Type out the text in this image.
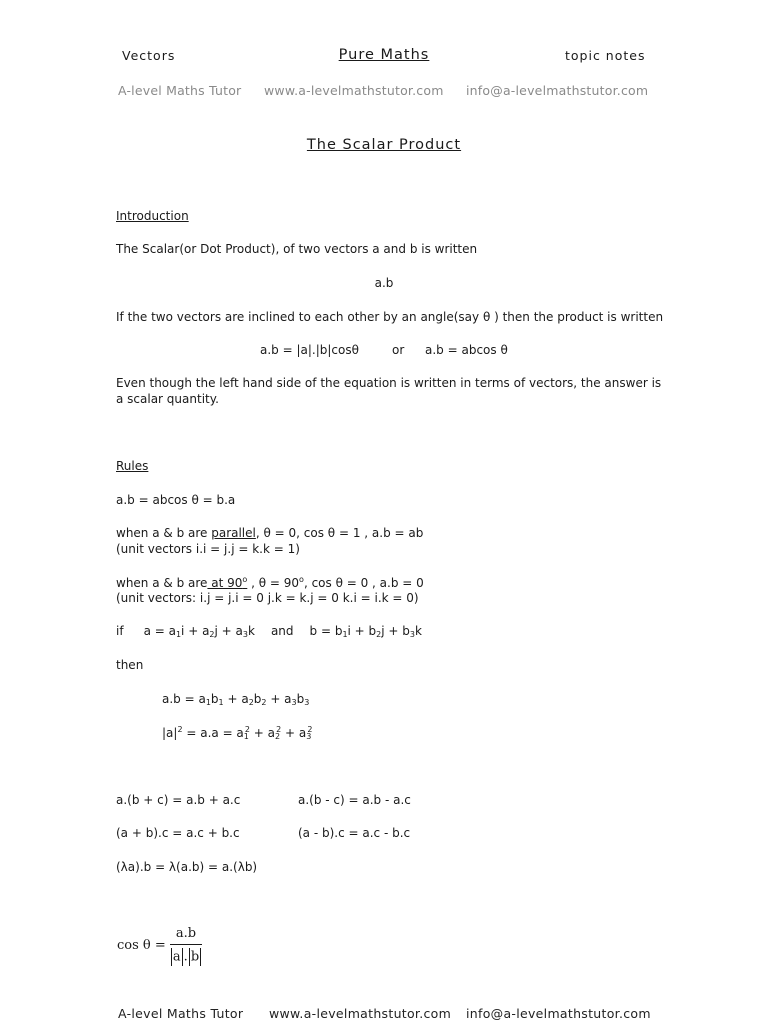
Vectors	Pure Maths	topic notes
A-level Maths Tutor www.a-levelmathstutor.com info@a-levelmathstutor.com
The Scalar Product
Introduction
The Scalar(or Dot Product), of two vectors a and b is written
a.b
If the two vectors are inclined to each other by an angle(say θ ) then the product is written
a.b = |a|.|b|cosθ	or a.b = abcos θ
Even though the left hand side of the equation is written in terms of vectors, the answer is
a scalar quantity.
Rules
a.b = abcos θ = b.a
when a & b are parallel, θ = 0, cos θ = 1 , a.b = ab
(unit vectors i.i = j.j = k.k = 1)
when a & b are at 90$^o$ , $\theta = 90^o$, cos θ = 0 , a.b = 0
(unit vectors: i.j = j.i = 0 j.k = k.j = 0 k.i = i.k = 0)
if $a = a_1i + a_2j + a_3k$ and $b = b_1i + b_2j + b_3k$
then
$a.b = a_1b_1 + a_2b_2 + a_3b_3$
$|a|^2 = a.a = a_1^2 + a_2^2 + a_3^2$
a.(b + c) = a.b + a.c	a.(b - c) = a.b - a.c
(a + b).c = a.c + b.c	(a - b).c = a.c - b.c
(λa).b = λ(a.b) = a.(λb)
$\cos \theta = \frac{a.b}{a . b}$
A-level Maths Tutor www.a-levelmathstutor.com info@a-levelmathstutor.com
